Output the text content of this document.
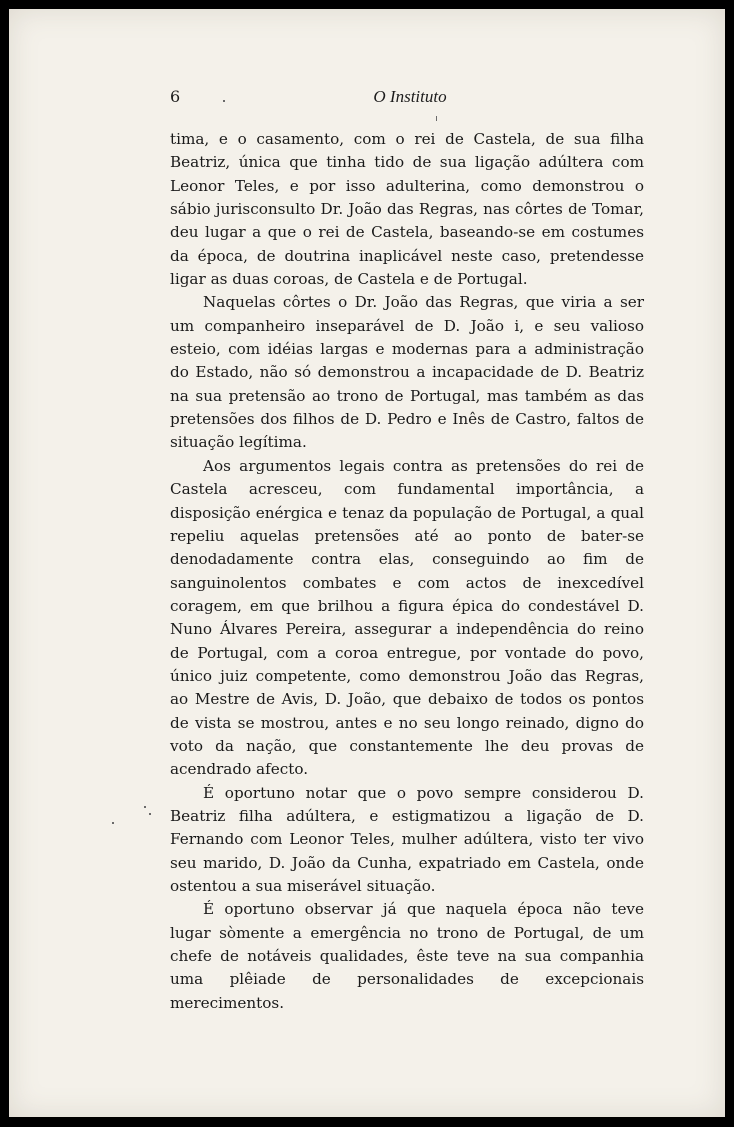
6	O Instituto

tima, e o casamento, com o rei de Castela, de sua filha Beatriz, única que tinha tido de sua ligação adúltera com Leonor Teles, e por isso adulterina, como demonstrou o sábio jurisconsulto Dr. João das Regras, nas côrtes de Tomar, deu lugar a que o rei de Castela, baseando-se em costumes da época, de doutrina inaplicável neste caso, pretendesse ligar as duas coroas, de Castela e de Portugal.

Naquelas côrtes o Dr. João das Regras, que viria a ser um companheiro inseparável de D. João i, e seu valioso esteio, com idéias largas e modernas para a administração do Estado, não só demonstrou a incapacidade de D. Beatriz na sua pretensão ao trono de Portugal, mas também as das pretensões dos filhos de D. Pedro e Inês de Castro, faltos de situação legítima.

Aos argumentos legais contra as pretensões do rei de Castela acresceu, com fundamental importância, a disposição enérgica e tenaz da população de Portugal, a qual repeliu aquelas pretensões até ao ponto de bater-se denodadamente contra elas, conseguindo ao fim de sanguinolentos combates e com actos de inexcedível coragem, em que brilhou a figura épica do condestável D. Nuno Álvares Pereira, assegurar a independência do reino de Portugal, com a coroa entregue, por vontade do povo, único juiz competente, como demonstrou João das Regras, ao Mestre de Avis, D. João, que debaixo de todos os pontos de vista se mostrou, antes e no seu longo reinado, digno do voto da nação, que constantemente lhe deu provas de acendrado afecto.

É oportuno notar que o povo sempre considerou D. Beatriz filha adúltera, e estigmatizou a ligação de D. Fernando com Leonor Teles, mulher adúltera, visto ter vivo seu marido, D. João da Cunha, expatriado em Castela, onde ostentou a sua miserável situação.

É oportuno observar já que naquela época não teve lugar sòmente a emergência no trono de Portugal, de um chefe de notáveis qualidades, êste teve na sua companhia uma plêiade de personalidades de excepcionais merecimentos.
